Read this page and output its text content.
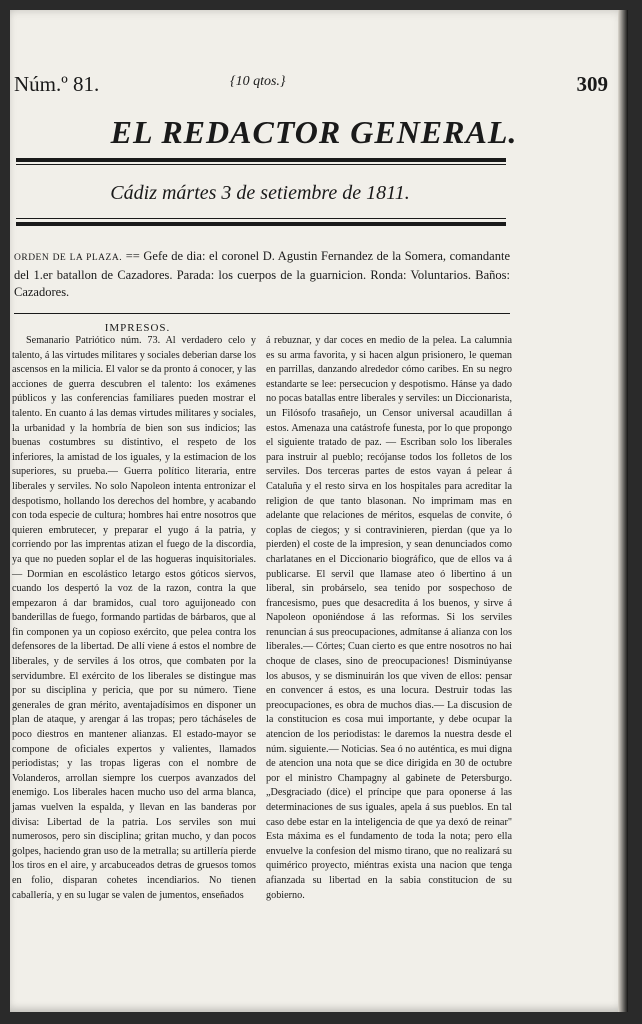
Núm.º 81.	{10 qtos.}	309
EL REDACTOR GENERAL.
Cádiz mártes 3 de setiembre de 1811.
ORDEN DE LA PLAZA. == Gefe de dia: el coronel D. Agustin Fernandez de la Somera, comandante del 1.er batallon de Cazadores. Parada: los cuerpos de la guarnicion. Ronda: Voluntarios. Baños: Cazadores.
IMPRESOS.

Semanario Patriótico núm. 73. Al verdadero celo y talento, á las virtudes militares y sociales deberian darse los ascensos en la milicia. El valor se da pronto á conocer, y las acciones de guerra descubren el talento: los exámenes públicos y las conferencias familiares pueden mostrar el talento. En cuanto á las demas virtudes militares y sociales, la urbanidad y la hombría de bien son sus indicios; las buenas costumbres su distintivo, el respeto de los inferiores, la amistad de los iguales, y la estimacion de los superiores, su prueba.— Guerra político literaria, entre liberales y serviles. No solo Napoleon intenta entronizar el despotismo, hollando los derechos del hombre, y acabando con toda especie de cultura; hombres hai entre nosotros que quieren embrutecer, y preparar el yugo á la patria, y corriendo por las imprentas atizan el fuego de la discordia, ya que no pueden soplar el de las hogueras inquisitoriales.— Dormian en escolástico letargo estos góticos siervos, cuando los despertó la voz de la razon, contra la que empezaron á dar bramidos, cual toro aguijoneado con banderillas de fuego, formando partidas de bárbaros, que al fin componen ya un copioso exército, que pelea contra los defensores de la libertad. De allí viene á estos el nombre de liberales, y de serviles á los otros, que combaten por la servidumbre. El exército de los liberales se distingue mas por su disciplina y pericia, que por su número. Tiene generales de gran mérito, aventajadísimos en disponer un plan de ataque, y arengar á las tropas; pero tácháseles de poco diestros en mantener alianzas. El estado-mayor se compone de oficiales expertos y valientes, llamados periodistas; y las tropas ligeras con el nombre de Volanderos, arrollan siempre los cuerpos avanzados del enemigo. Los liberales hacen mucho uso del arma blanca, jamas vuelven la espalda, y llevan en las banderas por divisa: Libertad de la patria. Los serviles son mui numerosos, pero sin disciplina; gritan mucho, y dan pocos golpes, haciendo gran uso de la metralla; su artillería pierde los tiros en el aire, y arcabuceados detras de gruesos tomos en folio, disparan cohetes incendiarios. No tienen caballería, y en su lugar se valen de jumentos, enseñados

á rebuznar, y dar coces en medio de la pelea. La calumnia es su arma favorita, y si hacen algun prisionero, le queman en parrillas, danzando alrededor cómo caribes. En su negro estandarte se lee: persecucion y despotismo. Hánse ya dado no pocas batallas entre liberales y serviles: un Diccionarista, un Filósofo trasañejo, un Censor universal acaudillan á estos. Amenaza una catástrofe funesta, por lo que propongo el siguiente tratado de paz. — Escriban solo los liberales para instruir al pueblo; recójanse todos los folletos de los serviles. Dos terceras partes de estos vayan á pelear á Cataluña y el resto sirva en los hospitales para acreditar la religion de que tanto blasonan. No imprimam mas en adelante que relaciones de méritos, esquelas de convite, ó coplas de ciegos; y si contravinieren, pierdan (que ya lo pierden) el coste de la impresion, y sean denunciados como charlatanes en el Diccionario biográfico, que de ellos va á publicarse. El servil que llamase ateo ó libertino á un liberal, sin probárselo, sea tenido por sospechoso de francesismo, pues que desacredita á los buenos, y sirve á Napoleon oponiéndose á las reformas. Si los serviles renuncian á sus preocupaciones, admítanse á alianza con los liberales.— Córtes; Cuan cierto es que entre nosotros no hai choque de clases, sino de preocupaciones! Disminúyanse los abusos, y se disminuirán los que viven de ellos: pensar en convencer á estos, es una locura. Destruir todas las preocupaciones, es obra de muchos dias.— La discusion de la constitucion es cosa mui importante, y debe ocupar la atencion de los periodistas: le daremos la nuestra desde el núm. siguiente.— Noticias. Sea ó no auténtica, es mui digna de atencion una nota que se dice dirigida en 30 de octubre por el ministro Champagny al gabinete de Petersburgo. „Desgraciado (dice) el príncipe que para oponerse á las determinaciones de sus iguales, apela á sus pueblos. En tal caso debe estar en la inteligencia de que ya dexó de reinar" Esta máxima es el fundamento de toda la nota; pero ella envuelve la confesion del mismo tirano, que no realizará su quimérico proyecto, miéntras exista una nacion que tenga afianzada su libertad en la sabia constitucion de su gobierno.
